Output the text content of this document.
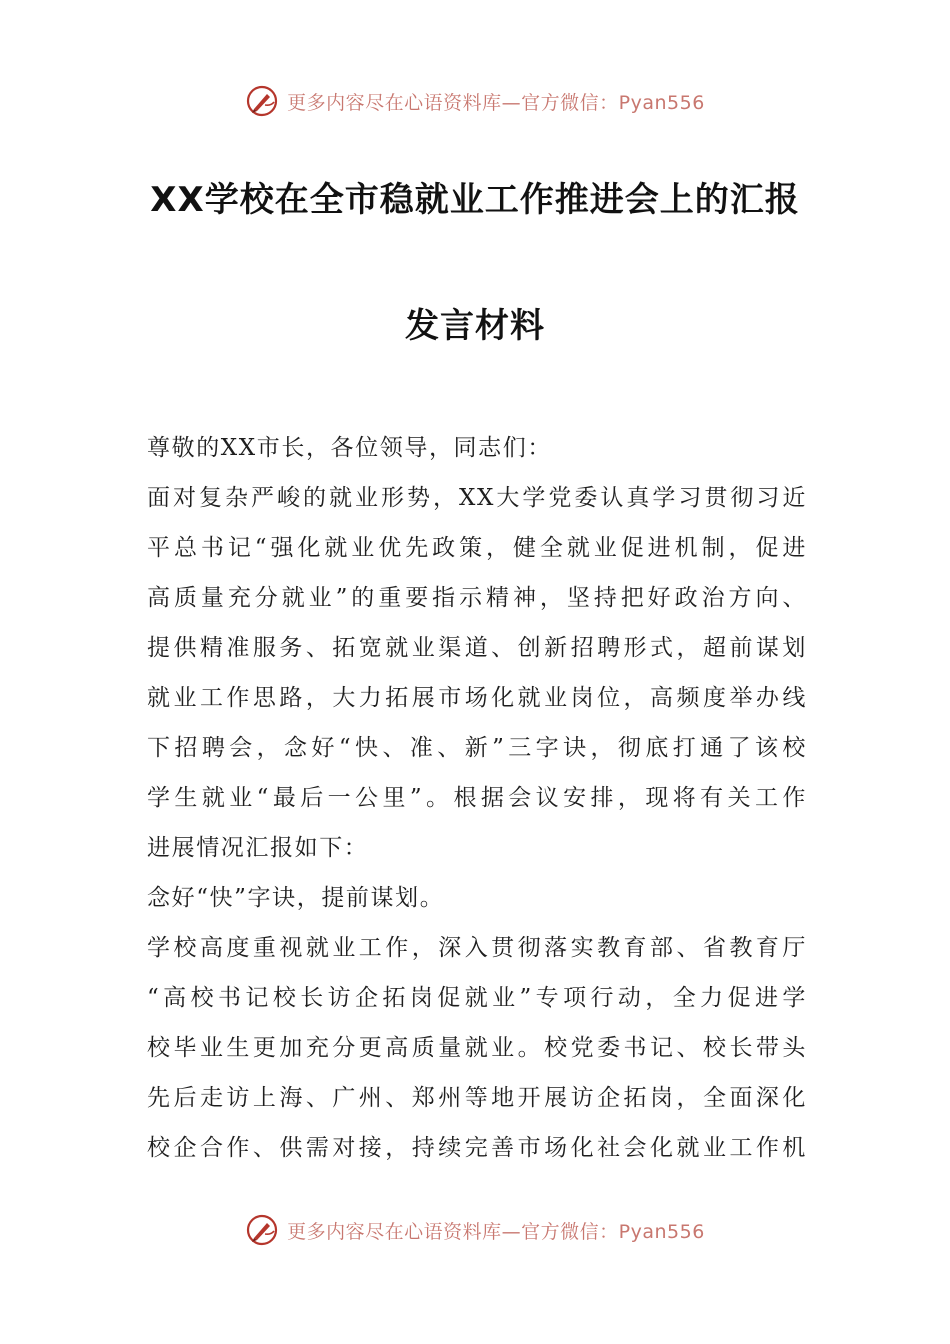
更多内容尽在心语资料库—官方微信：Pyan556
XX学校在全市稳就业工作推进会上的汇报
发言材料
尊敬的XX市长，各位领导，同志们：
面对复杂严峻的就业形势，XX大学党委认真学习贯彻习近
平总书记“强化就业优先政策，健全就业促进机制，促进
高质量充分就业”的重要指示精神，坚持把好政治方向、
提供精准服务、拓宽就业渠道、创新招聘形式，超前谋划
就业工作思路，大力拓展市场化就业岗位，高频度举办线
下招聘会，念好“快、准、新”三字诀，彻底打通了该校
学生就业“最后一公里”。根据会议安排，现将有关工作
进展情况汇报如下：
念好“快”字诀，提前谋划。
学校高度重视就业工作，深入贯彻落实教育部、省教育厅
“高校书记校长访企拓岗促就业”专项行动，全力促进学
校毕业生更加充分更高质量就业。校党委书记、校长带头
先后走访上海、广州、郑州等地开展访企拓岗，全面深化
校企合作、供需对接，持续完善市场化社会化就业工作机
更多内容尽在心语资料库—官方微信：Pyan556
